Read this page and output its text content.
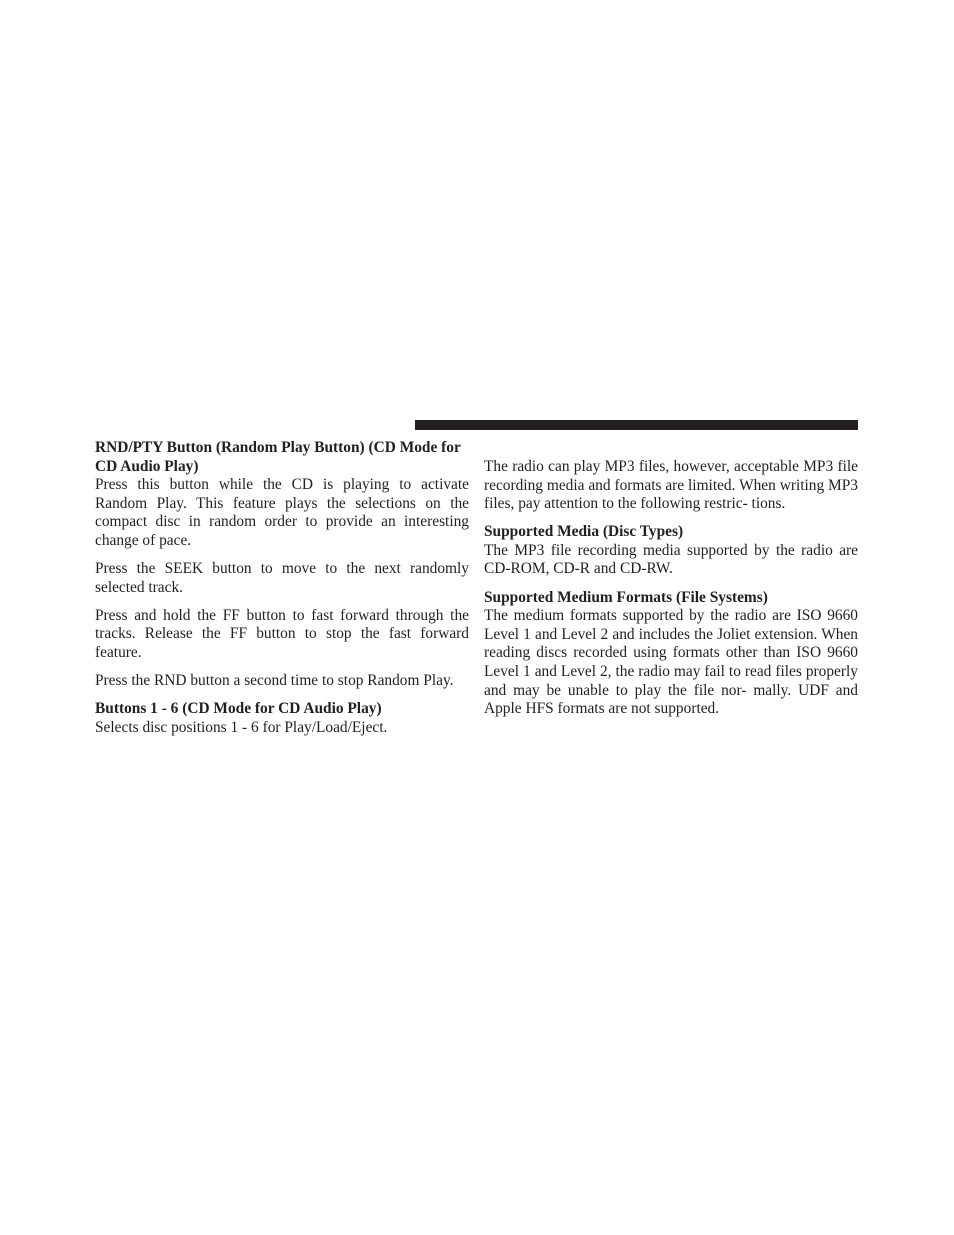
RND/PTY Button (Random Play Button) (CD Mode for CD Audio Play)

Press this button while the CD is playing to activate Random Play. This feature plays the selections on the compact disc in random order to provide an interesting change of pace.

Press the SEEK button to move to the next randomly selected track.

Press and hold the FF button to fast forward through the tracks. Release the FF button to stop the fast forward feature.

Press the RND button a second time to stop Random Play.

Buttons 1 - 6 (CD Mode for CD Audio Play)

Selects disc positions 1 - 6 for Play/Load/Eject.

The radio can play MP3 files, however, acceptable MP3 file recording media and formats are limited. When writing MP3 files, pay attention to the following restric- tions.

Supported Media (Disc Types)

The MP3 file recording media supported by the radio are CD-ROM, CD-R and CD-RW.

Supported Medium Formats (File Systems)

The medium formats supported by the radio are ISO 9660 Level 1 and Level 2 and includes the Joliet extension. When reading discs recorded using formats other than ISO 9660 Level 1 and Level 2, the radio may fail to read files properly and may be unable to play the file nor- mally. UDF and Apple HFS formats are not supported.
